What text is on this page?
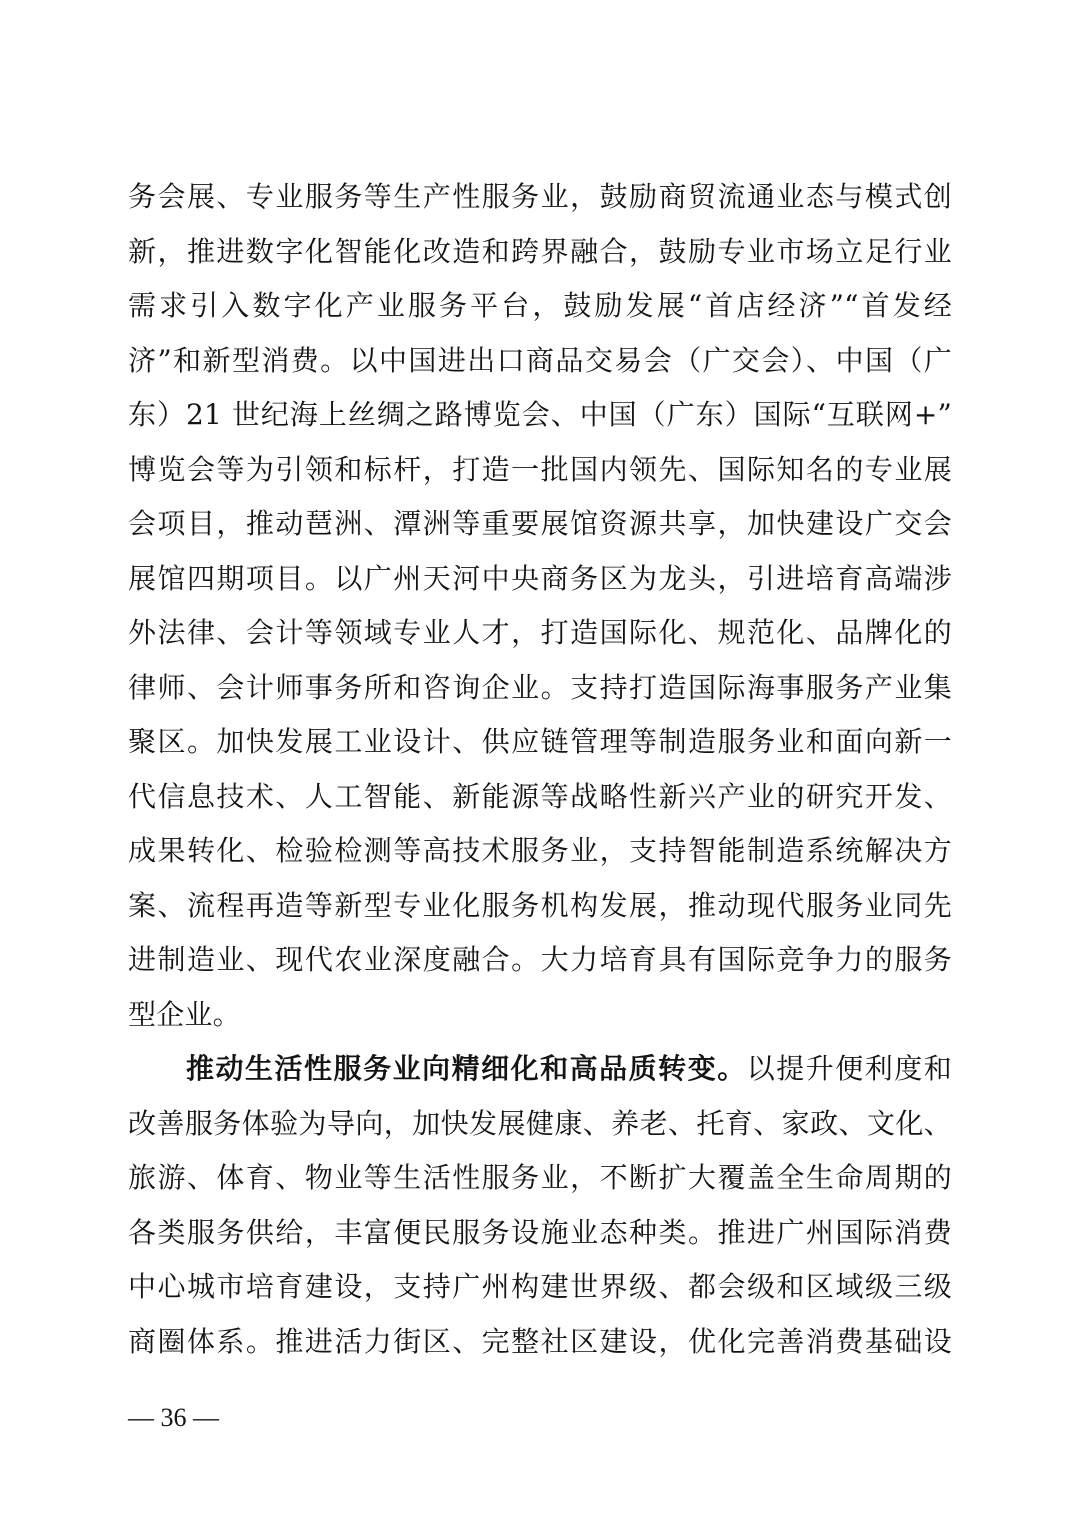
务会展、专业服务等生产性服务业，鼓励商贸流通业态与模式创
新，推进数字化智能化改造和跨界融合，鼓励专业市场立足行业
需求引入数字化产业服务平台，鼓励发展“首店经济”“首发经
济”和新型消费。以中国进出口商品交易会（广交会）、中国（广
东）21 世纪海上丝绸之路博览会、中国（广东）国际“互联网+”
博览会等为引领和标杆，打造一批国内领先、国际知名的专业展
会项目，推动琶洲、潭洲等重要展馆资源共享，加快建设广交会
展馆四期项目。以广州天河中央商务区为龙头，引进培育高端涉
外法律、会计等领域专业人才，打造国际化、规范化、品牌化的
律师、会计师事务所和咨询企业。支持打造国际海事服务产业集
聚区。加快发展工业设计、供应链管理等制造服务业和面向新一
代信息技术、人工智能、新能源等战略性新兴产业的研究开发、
成果转化、检验检测等高技术服务业，支持智能制造系统解决方
案、流程再造等新型专业化服务机构发展，推动现代服务业同先
进制造业、现代农业深度融合。大力培育具有国际竞争力的服务
型企业。
推动生活性服务业向精细化和高品质转变。以提升便利度和
改善服务体验为导向，加快发展健康、养老、托育、家政、文化、
旅游、体育、物业等生活性服务业，不断扩大覆盖全生命周期的
各类服务供给，丰富便民服务设施业态种类。推进广州国际消费
中心城市培育建设，支持广州构建世界级、都会级和区域级三级
商圈体系。推进活力街区、完整社区建设，优化完善消费基础设
— 36 —
